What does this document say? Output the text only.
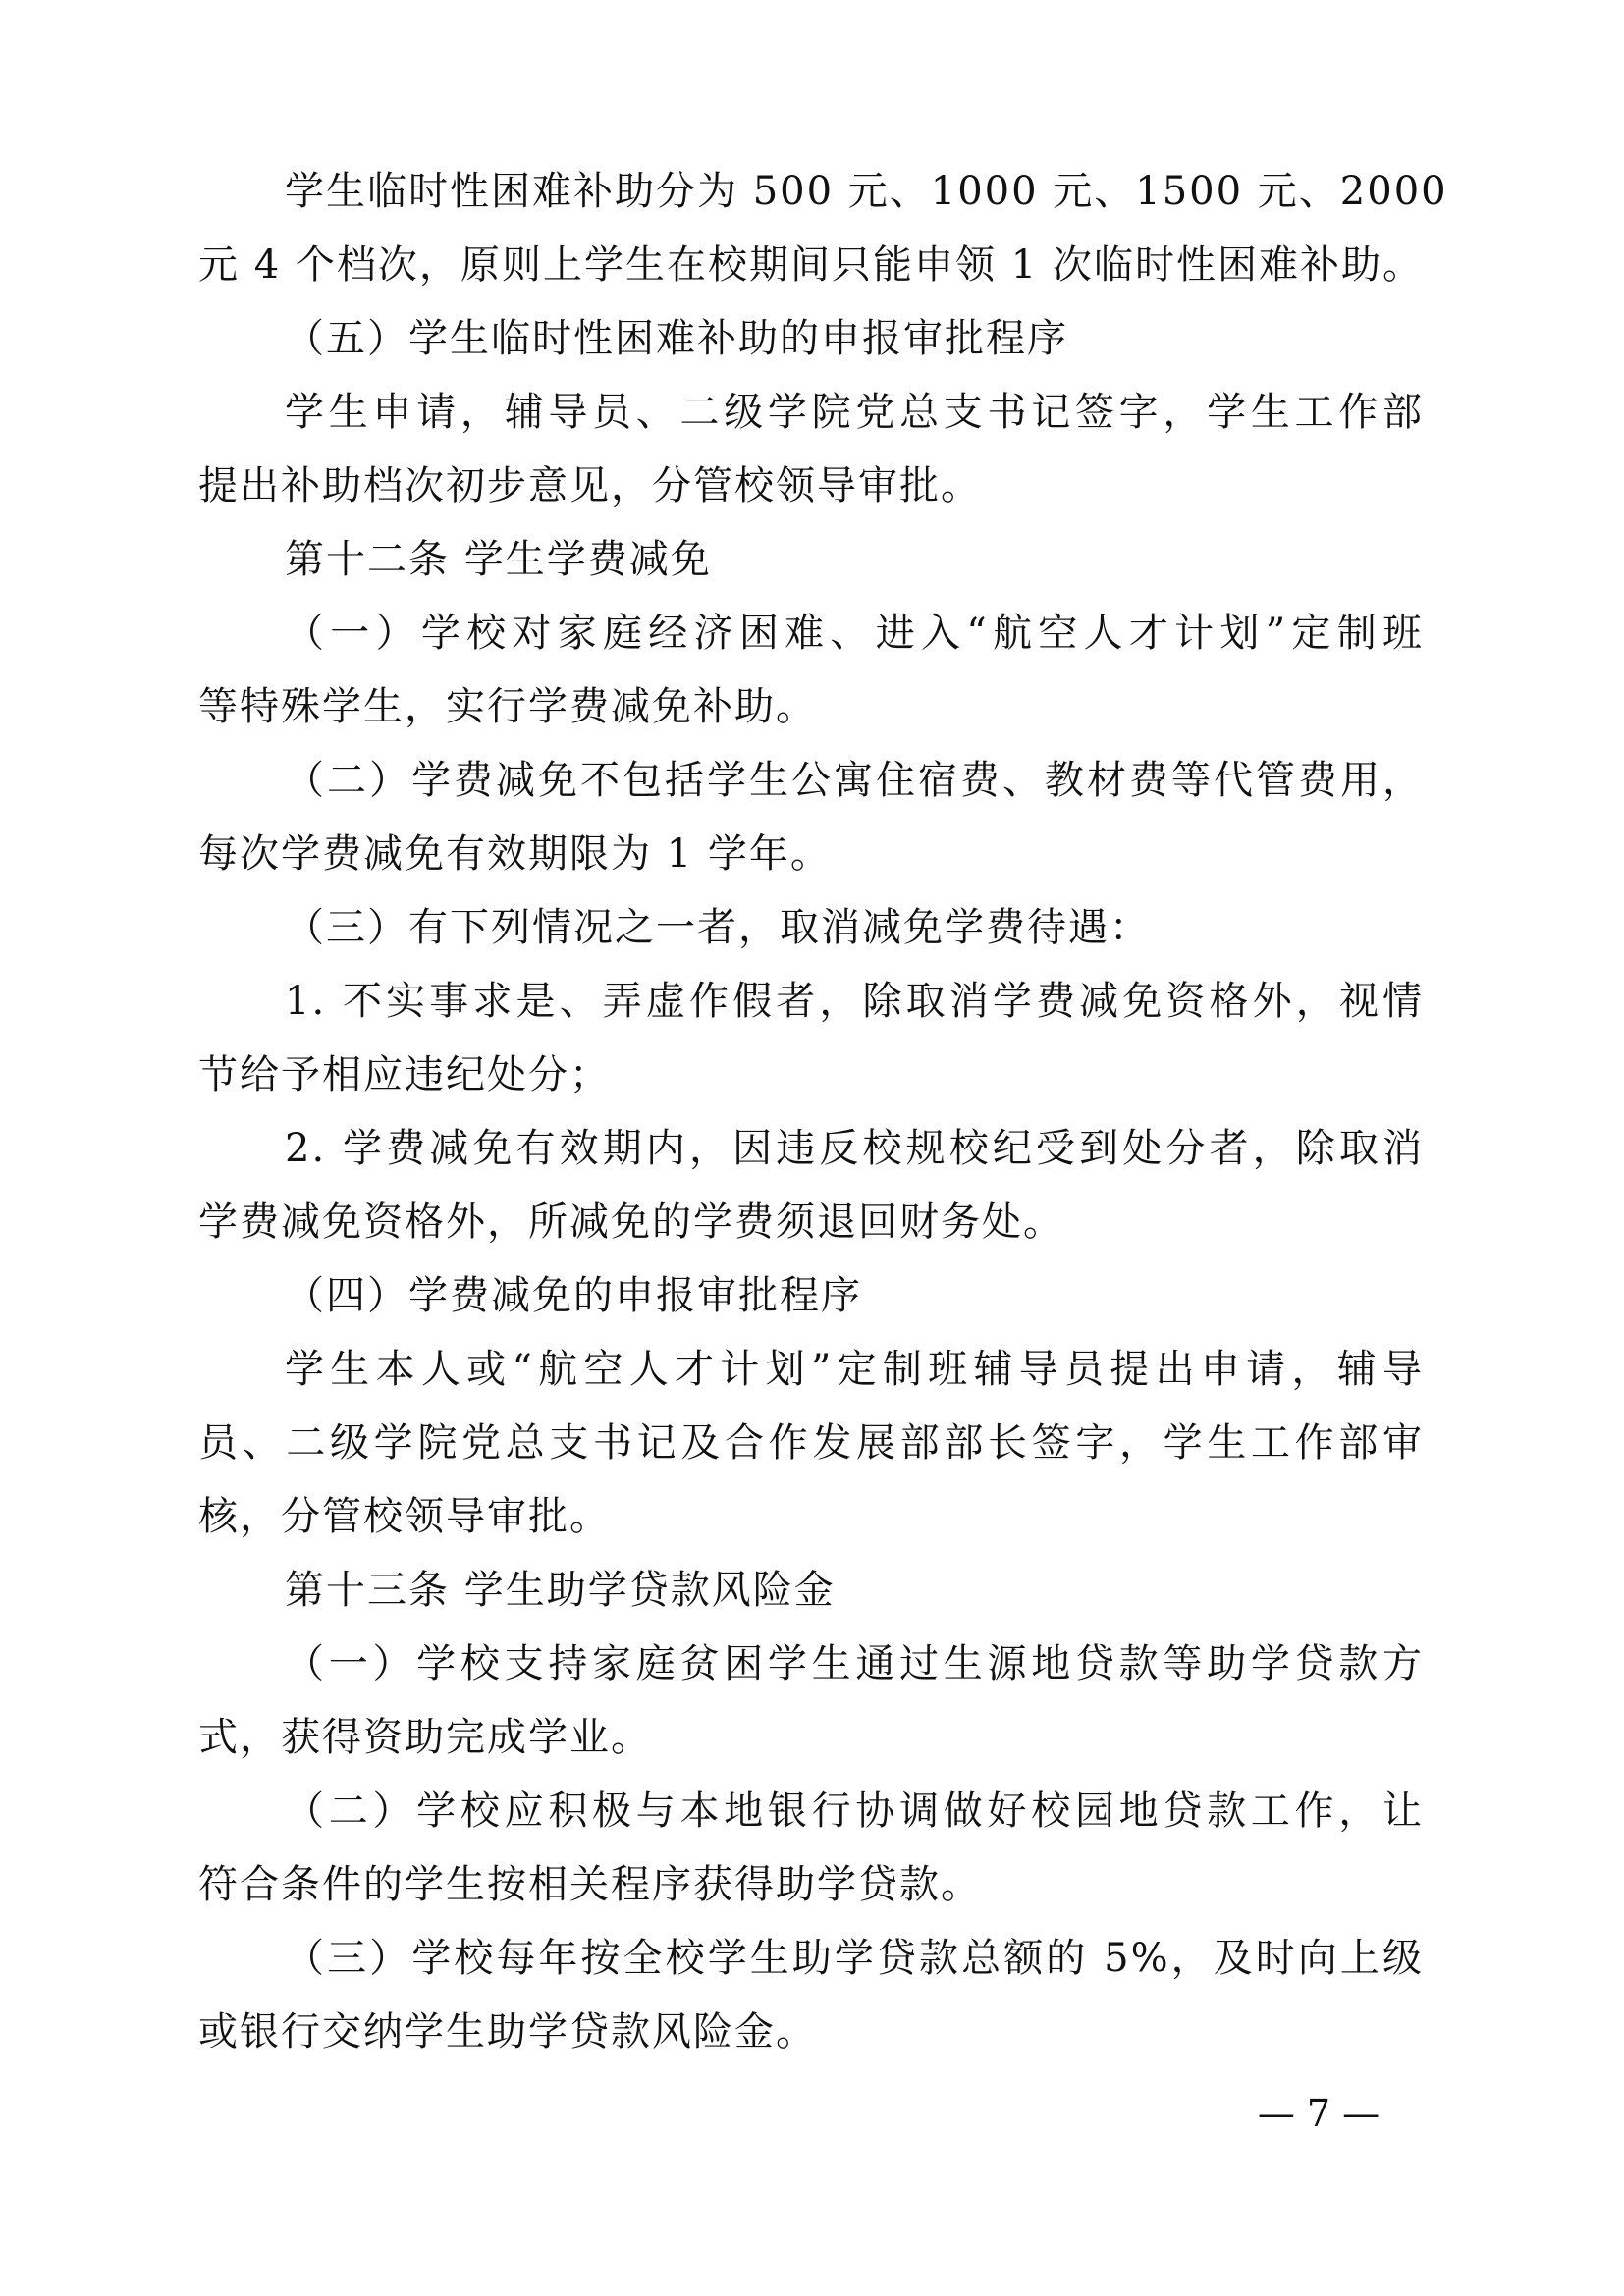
学生临时性困难补助分为 500 元、1000 元、1500 元、2000
元 4 个档次，原则上学生在校期间只能申领 1 次临时性困难补助。
（五）学生临时性困难补助的申报审批程序
学生申请，辅导员、二级学院党总支书记签字，学生工作部
提出补助档次初步意见，分管校领导审批。
第十二条 学生学费减免
（一）学校对家庭经济困难、进入“航空人才计划”定制班
等特殊学生，实行学费减免补助。
（二）学费减免不包括学生公寓住宿费、教材费等代管费用，
每次学费减免有效期限为 1 学年。
（三）有下列情况之一者，取消减免学费待遇：
1. 不实事求是、弄虚作假者，除取消学费减免资格外，视情
节给予相应违纪处分；
2. 学费减免有效期内，因违反校规校纪受到处分者，除取消
学费减免资格外，所减免的学费须退回财务处。
（四）学费减免的申报审批程序
学生本人或“航空人才计划”定制班辅导员提出申请，辅导
员、二级学院党总支书记及合作发展部部长签字，学生工作部审
核，分管校领导审批。
第十三条 学生助学贷款风险金
（一）学校支持家庭贫困学生通过生源地贷款等助学贷款方
式，获得资助完成学业。
（二）学校应积极与本地银行协调做好校园地贷款工作，让
符合条件的学生按相关程序获得助学贷款。
（三）学校每年按全校学生助学贷款总额的 5%，及时向上级
或银行交纳学生助学贷款风险金。
— 7 —
